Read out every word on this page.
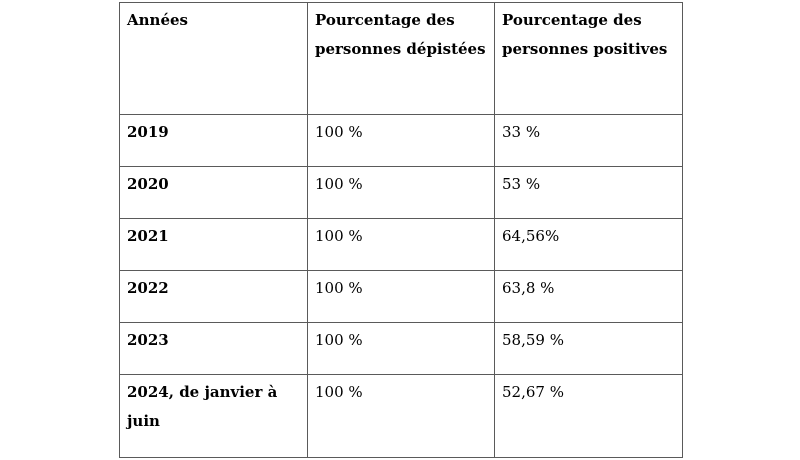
Années	Pourcentage des personnes dépistées	Pourcentage des personnes positives
2019	100 %	33 %
2020	100 %	53 %
2021	100 %	64,56%
2022	100 %	63,8 %
2023	100 %	58,59 %
2024, de janvier à juin	100 %	52,67 %
